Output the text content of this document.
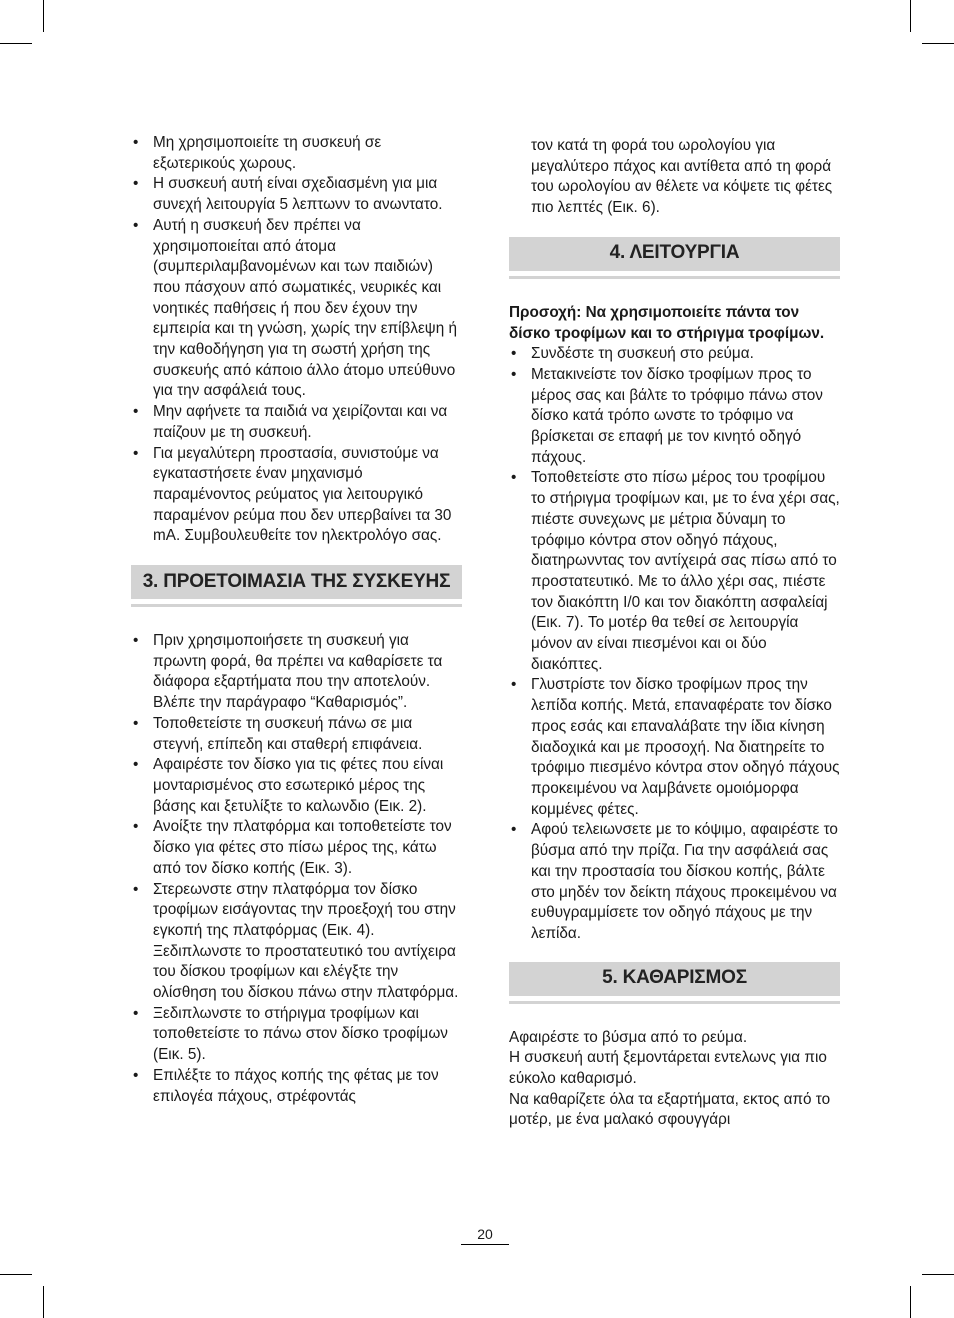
• Μη χρησιμοποιείτε τη συσκευή σε εξωτερικούς χωρους.
• Η συσκευή αυτή είναι σχεδιασμένη για μια συνεχή λειτουργία 5 λεπτωνν το ανωντατο.
• Αυτή η συσκευή δεν πρέπει να χρησιμοποιείται από άτομα (συμπεριλαμβανoμένων και των παιδιών) που πάσχουν από σωματικές, νευρικές και νοητικές παθήσεις ή που δεν έχουν την εμπειρία και τη γνώση, χωρίς την επίβλεψη ή την καθοδήγηση για τη σωστή χρήση της συσκευής από κάποιο άλλο άτομο υπεύθυνο για την ασφάλειά τους.
• Μην αφήνετε τα παιδιά να χειρίζονται και να παίζουν με τη συσκευή.
• Για μεγαλύτερη προστασία, συνιστούμε να εγκαταστήσετε έναν μηχανισμό παραμένοντος ρεύματος για λειτουργικό παραμένον ρεύμα που δεν υπερβαίνει τα 30 mA. Συμβουλευθείτε τον ηλεκτρολόγο σας.
3. ΠΡΟΕΤΟΙΜΑΣΙΑ ΤΗΣ ΣΥΣΚΕΥΗΣ
• Πριν χρησιμοποιήσετε τη συσκευή για πρωντη φορά, θα πρέπει να καθαρίσετε τα διάφορα εξαρτήματα που την αποτελούν. Βλέπε την παράγραφο “Καθαρισμός”.
• Τοποθετείστε τη συσκευή πάνω σε μια στεγνή, επίπεδη και σταθερή επιφάνεια.
• Αφαιρέστε τον δίσκο για τις φέτες που είναι μονταρισμένος στο εσωτερικό μέρος της βάσης και ξετυλίξτε το καλωνδιο (Εικ. 2).
• Ανοίξτε την πλατφόρμα και τοποθετείστε τον δίσκο για φέτες στο πίσω μέρος της, κάτω από τον δίσκο κοπής (Εικ. 3).
• Στερεωνστε στην πλατφόρμα τον δίσκο τροφίμων εισάγοντας την προεξοχή του στην εγκοπή της πλατφόρμας (Εικ. 4). Ξεδιπλωνστε το προστατευτικό του αντίχειρα του δίσκου τροφίμων και ελέγξτε την ολίσθηση του δίσκου πάνω στην πλατφόρμα.
• Ξεδιπλωνστε το στήριγμα τροφίμων και τοποθετείστε το πάνω στον δίσκο τροφίμων (Εικ. 5).
• Επιλέξτε το πάχος κοπής της φέτας με τον επιλογέα πάχους, στρέφοντάς
τον κατά τη φορά του ωρολογίου για μεγαλύτερο πάχος και αντίθετα από τη φορά του ωρολογίου αν θέλετε να κόψετε τις φέτες πιο λεπτές (Εικ. 6).
4. ΛΕΙΤΟΥΡΓΙΑ
Προσοχή: Να χρησιμοποιείτε πάντα τον δίσκο τροφίμων και το στήριγμα τροφίμων.
• Συνδέστε τη συσκευή στο ρεύμα.
• Μετακινείστε τον δίσκο τροφίμων προς το μέρος σας και βάλτε το τρόφιμο πάνω στον δίσκο κατά τρόπο ωνστε το τρόφιμο να βρίσκεται σε επαφή με τον κινητό οδηγό πάχους.
• Τοποθετείστε στο πίσω μέρος του τροφίμου το στήριγμα τροφίμων και, με το ένα χέρι σας, πιέστε συνεχωνς με μέτρια δύναμη το τρόφιμο κόντρα στον οδηγό πάχους, διατηρωνντας τον αντίχειρά σας πίσω από το προστατευτικό. Με το άλλο χέρι σας, πιέστε τον διακόπτη I/0 και τον διακόπτη ασφαλείαj (Εικ. 7). Το μοτέρ θα τεθεί σε λειτουργία μόνον αν είναι πιεσμένοι και οι δύο διακόπτες.
• Γλυστρίστε τον δίσκο τροφίμων προς την λεπίδα κοπής. Μετά, επαναφέρατε τον δίσκο προς εσάς και επαναλάβατε την ίδια κίνηση διαδοχικά και με προσοχή. Να διατηρείτε το τρόφιμο πιεσμένο κόντρα στον οδηγό πάχους προκειμένου να λαμβάνετε ομοιόμορφα κομμένες φέτες.
• Αφού τελειωνσετε με το κόψιμο, αφαιρέστε το βύσμα από την πρίζα. Για την ασφάλειά σας και την προστασία του δίσκου κοπής, βάλτε στο μηδέν τον δείκτη πάχους προκειμένου να ευθυγραμμίσετε τον οδηγό πάχους με την λεπίδα.
5. ΚΑΘΑΡΙΣΜΟΣ
Αφαιρέστε το βύσμα από το ρεύμα.
Η συσκευή αυτή ξεμοντάρεται εντελωνς για πιο εύκολο καθαρισμό.
Να καθαρίζετε όλα τα εξαρτήματα, εκτος από το μοτέρ, με ένα μαλακό σφουγγάρι
20
